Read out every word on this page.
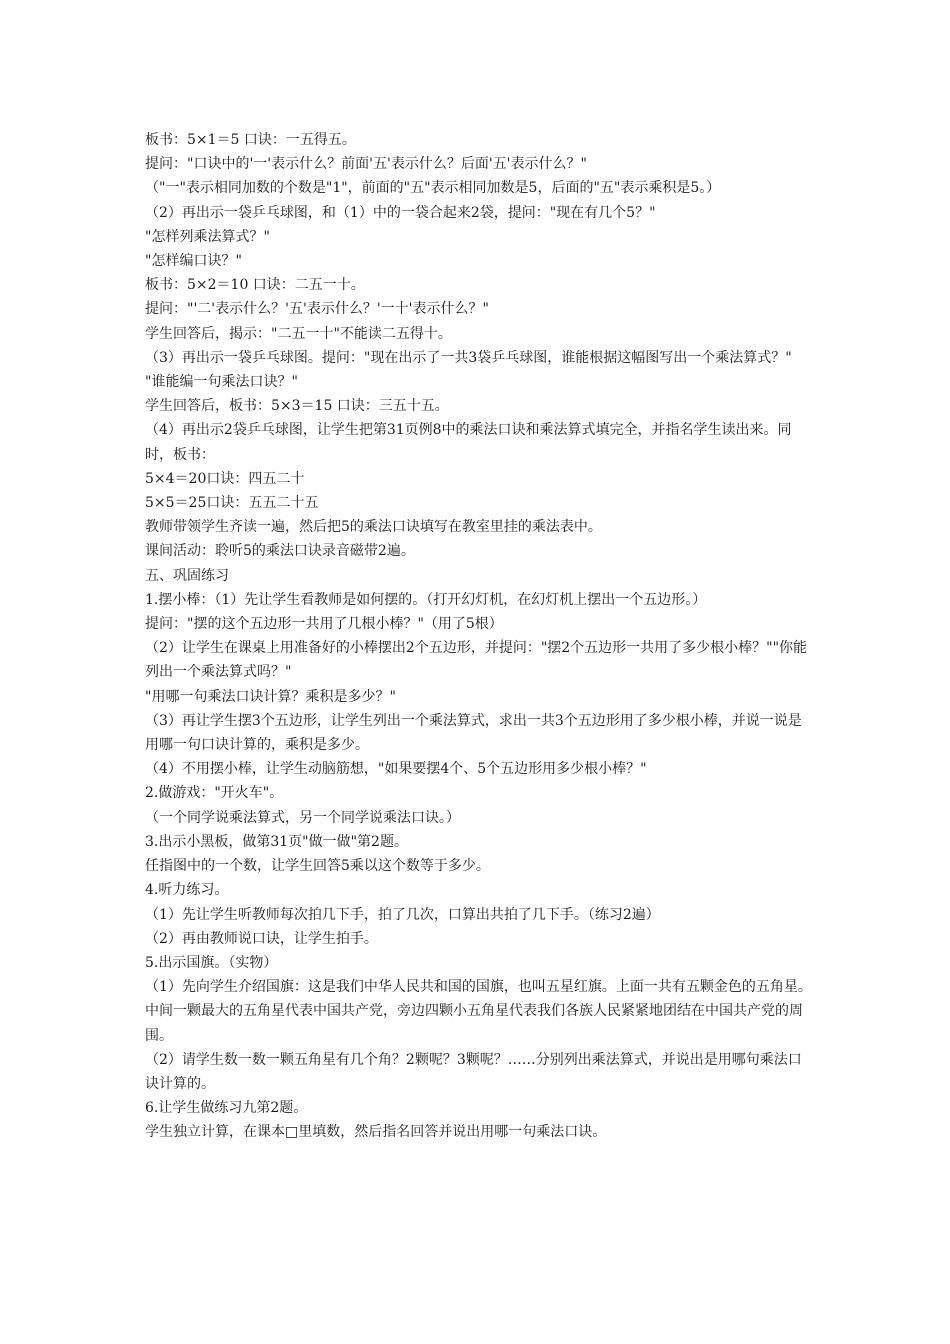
板书：5×1＝5 口诀：一五得五。

提问："口诀中的'一'表示什么？前面'五'表示什么？后面'五'表示什么？"

（"一"表示相同加数的个数是"1"，前面的"五"表示相同加数是5，后面的"五"表示乘积是5。）

（2）再出示一袋乒乓球图，和（1）中的一袋合起来2袋，提问："现在有几个5？"

"怎样列乘法算式？"

"怎样编口诀？"

板书：5×2＝10 口诀：二五一十。

提问："'二'表示什么？'五'表示什么？'一十'表示什么？"

学生回答后，揭示："二五一十"不能读二五得十。

（3）再出示一袋乒乓球图。提问："现在出示了一共3袋乒乓球图，谁能根据这幅图写出一个乘法算式？"

"谁能编一句乘法口诀？"

学生回答后，板书：5×3＝15 口诀：三五十五。

（4）再出示2袋乒乓球图，让学生把第31页例8中的乘法口诀和乘法算式填完全，并指名学生读出来。同时，板书：

5×4＝20口诀：四五二十

5×5＝25口诀：五五二十五

教师带领学生齐读一遍，然后把5的乘法口诀填写在教室里挂的乘法表中。

课间活动：聆听5的乘法口诀录音磁带2遍。

五、巩固练习

1.摆小棒：（1）先让学生看教师是如何摆的。（打开幻灯机，在幻灯机上摆出一个五边形。）

提问："摆的这个五边形一共用了几根小棒？"（用了5根）

（2）让学生在课桌上用准备好的小棒摆出2个五边形，并提问："摆2个五边形一共用了多少根小棒？""你能列出一个乘法算式吗？"

"用哪一句乘法口诀计算？乘积是多少？"

（3）再让学生摆3个五边形，让学生列出一个乘法算式，求出一共3个五边形用了多少根小棒，并说一说是用哪一句口诀计算的，乘积是多少。

（4）不用摆小棒，让学生动脑筋想，"如果要摆4个、5个五边形用多少根小棒？"

2.做游戏："开火车"。

（一个同学说乘法算式，另一个同学说乘法口诀。）

3.出示小黑板，做第31页"做一做"第2题。

任指图中的一个数，让学生回答5乘以这个数等于多少。

4.听力练习。

（1）先让学生听教师每次拍几下手，拍了几次，口算出共拍了几下手。（练习2遍）

（2）再由教师说口诀，让学生拍手。

5.出示国旗。（实物）

（1）先向学生介绍国旗：这是我们中华人民共和国的国旗，也叫五星红旗。上面一共有五颗金色的五角星。中间一颗最大的五角星代表中国共产党，旁边四颗小五角星代表我们各族人民紧紧地团结在中国共产党的周围。

（2）请学生数一数一颗五角星有几个角？2颗呢？3颗呢？……分别列出乘法算式，并说出是用哪句乘法口诀计算的。

6.让学生做练习九第2题。

学生独立计算，在课本□里填数，然后指名回答并说出用哪一句乘法口诀。
